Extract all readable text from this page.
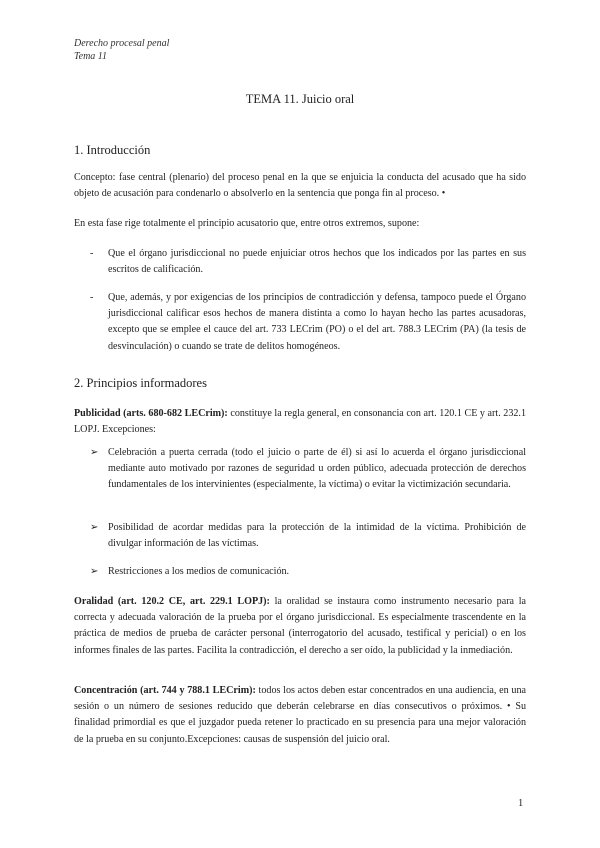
Derecho procesal penal
Tema 11
TEMA 11. Juicio oral
1. Introducción
Concepto: fase central (plenario) del proceso penal en la que se enjuicia la conducta del acusado que ha sido objeto de acusación para condenarlo o absolverlo en la sentencia que ponga fin al proceso. •
En esta fase rige totalmente el principio acusatorio que, entre otros extremos, supone:
- Que el órgano jurisdiccional no puede enjuiciar otros hechos que los indicados por las partes en sus escritos de calificación.
- Que, además, y por exigencias de los principios de contradicción y defensa, tampoco puede el Órgano jurisdiccional calificar esos hechos de manera distinta a como lo hayan hecho las partes acusadoras, excepto que se emplee el cauce del art. 733 LECrim (PO) o el del art. 788.3 LECrim (PA) (la tesis de desvinculación) o cuando se trate de delitos homogéneos.
2. Principios informadores
Publicidad (arts. 680-682 LECrim): constituye la regla general, en consonancia con art. 120.1 CE y art. 232.1 LOPJ. Excepciones:
➢ Celebración a puerta cerrada (todo el juicio o parte de él) si así lo acuerda el órgano jurisdiccional mediante auto motivado por razones de seguridad u orden público, adecuada protección de derechos fundamentales de los intervinientes (especialmente, la víctima) o evitar la victimización secundaria.
➢ Posibilidad de acordar medidas para la protección de la intimidad de la víctima. Prohibición de divulgar información de las víctimas.
➢ Restricciones a los medios de comunicación.
Oralidad (art. 120.2 CE, art. 229.1 LOPJ): la oralidad se instaura como instrumento necesario para la correcta y adecuada valoración de la prueba por el órgano jurisdiccional. Es especialmente trascendente en la práctica de medios de prueba de carácter personal (interrogatorio del acusado, testifical y pericial) o en los informes finales de las partes. Facilita la contradicción, el derecho a ser oído, la publicidad y la inmediación.
Concentración (art. 744 y 788.1 LECrim): todos los actos deben estar concentrados en una audiencia, en una sesión o un número de sesiones reducido que deberán celebrarse en días consecutivos o próximos. • Su finalidad primordial es que el juzgador pueda retener lo practicado en su presencia para una mejor valoración de la prueba en su conjunto.Excepciones: causas de suspensión del juicio oral.
1
